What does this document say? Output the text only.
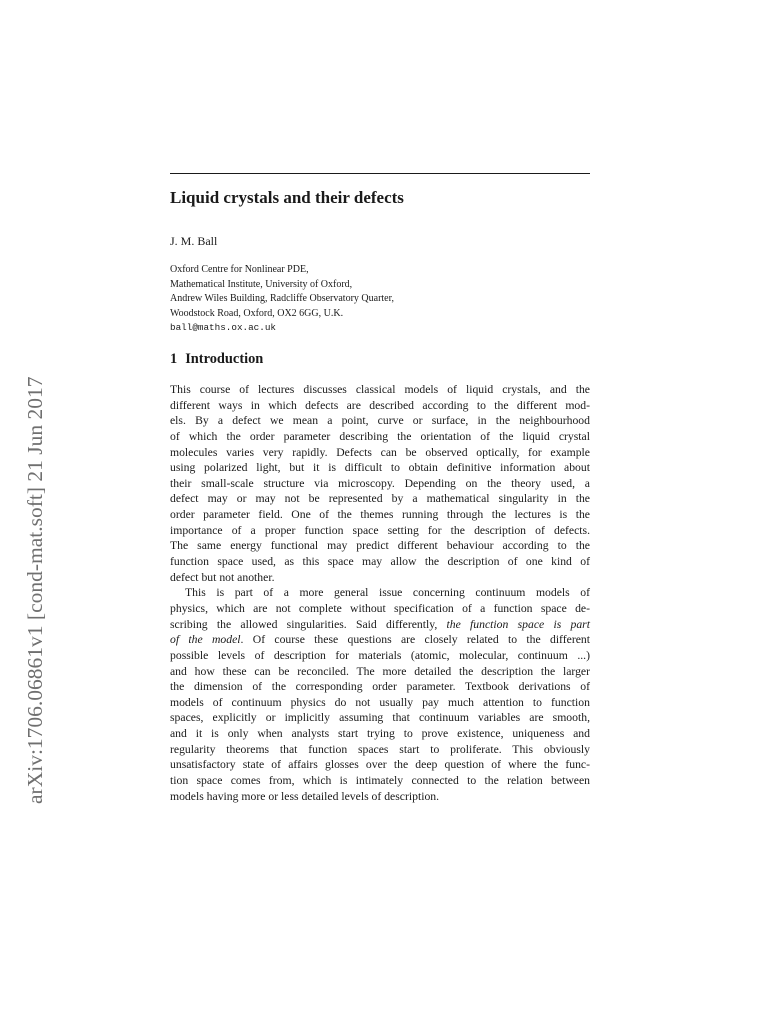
arXiv:1706.06861v1 [cond-mat.soft] 21 Jun 2017
Liquid crystals and their defects

J. M. Ball

Oxford Centre for Nonlinear PDE,
Mathematical Institute, University of Oxford,
Andrew Wiles Building, Radcliffe Observatory Quarter,
Woodstock Road, Oxford, OX2 6GG, U.K.
ball@maths.ox.ac.uk
1 Introduction
This course of lectures discusses classical models of liquid crystals, and the
different ways in which defects are described according to the different mod-
els. By a defect we mean a point, curve or surface, in the neighbourhood
of which the order parameter describing the orientation of the liquid crystal
molecules varies very rapidly. Defects can be observed optically, for example
using polarized light, but it is difficult to obtain definitive information about
their small-scale structure via microscopy. Depending on the theory used, a
defect may or may not be represented by a mathematical singularity in the
order parameter field. One of the themes running through the lectures is the
importance of a proper function space setting for the description of defects.
The same energy functional may predict different behaviour according to the
function space used, as this space may allow the description of one kind of
defect but not another.
This is part of a more general issue concerning continuum models of
physics, which are not complete without specification of a function space de-
scribing the allowed singularities. Said differently, the function space is part
of the model. Of course these questions are closely related to the different
possible levels of description for materials (atomic, molecular, continuum ...)
and how these can be reconciled. The more detailed the description the larger
the dimension of the corresponding order parameter. Textbook derivations of
models of continuum physics do not usually pay much attention to function
spaces, explicitly or implicitly assuming that continuum variables are smooth,
and it is only when analysts start trying to prove existence, uniqueness and
regularity theorems that function spaces start to proliferate. This obviously
unsatisfactory state of affairs glosses over the deep question of where the func-
tion space comes from, which is intimately connected to the relation between
models having more or less detailed levels of description.
